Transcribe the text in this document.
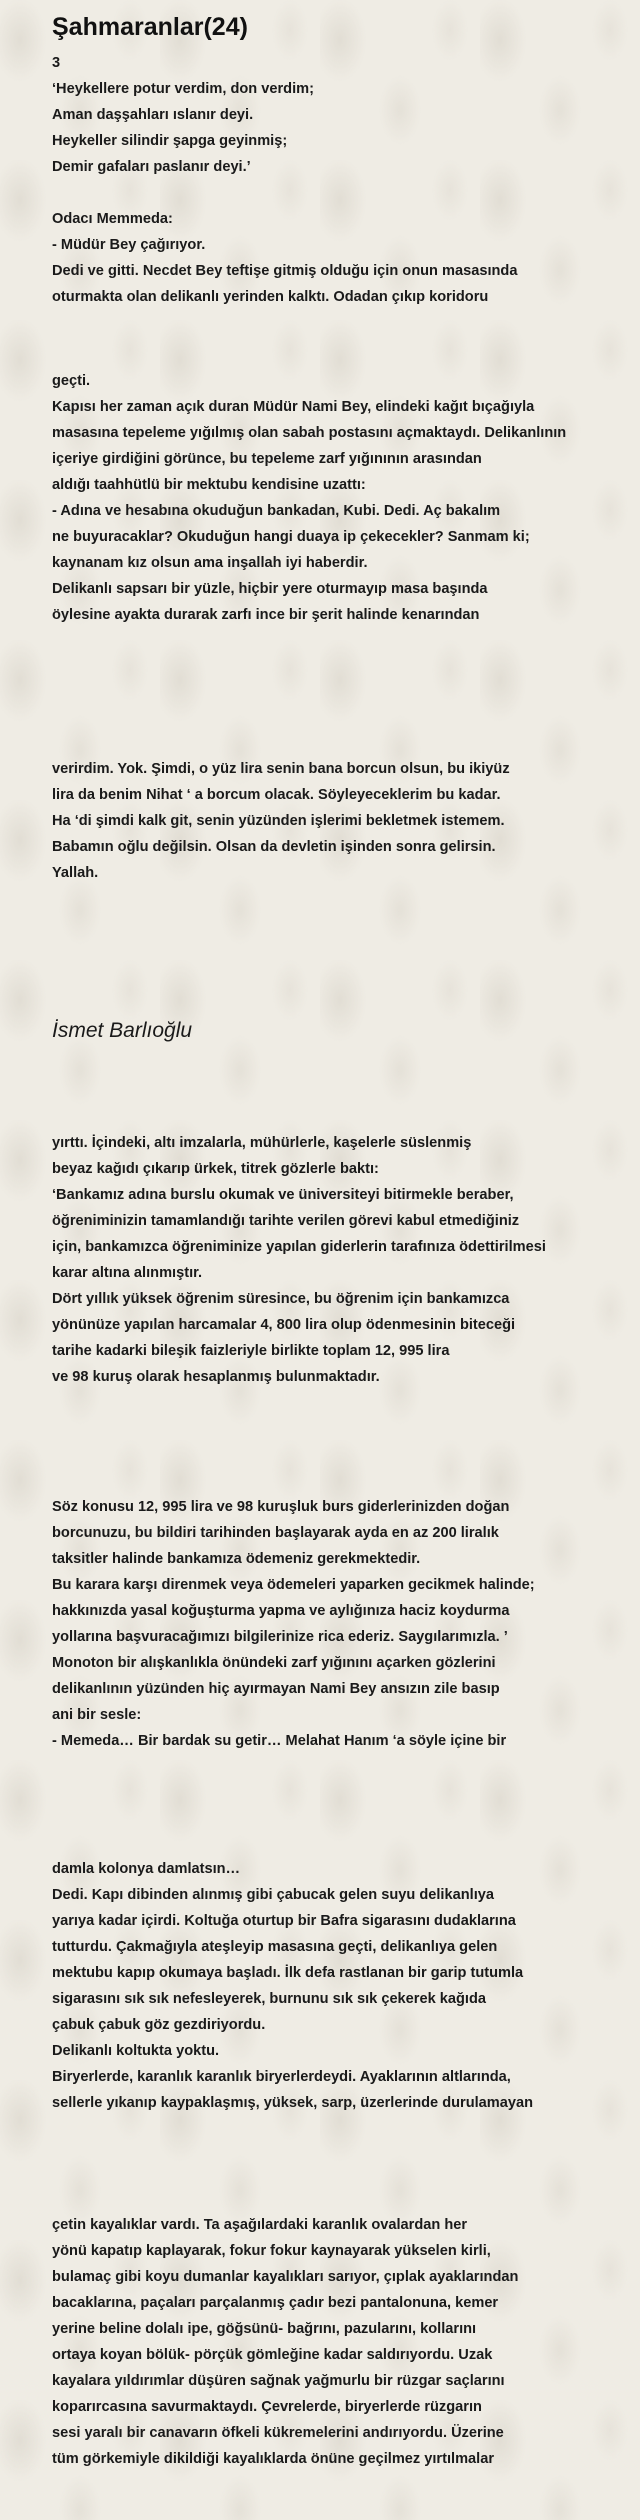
Şahmaranlar(24)
3
‘Heykellere potur verdim, don verdim;
Aman daşşahları ıslanır deyi.
Heykeller silindir şapga geyinmiş;
Demir gafaları paslanır deyi.’
Odacı Memmeda:
- Müdür Bey çağırıyor.
Dedi ve gitti. Necdet Bey teftişe gitmiş olduğu için onun masasında
oturmakta olan delikanlı yerinden kalktı. Odadan çıkıp koridoru
geçti.
Kapısı her zaman açık duran Müdür Nami Bey, elindeki kağıt bıçağıyla
masasına tepeleme yığılmış olan sabah postasını açmaktaydı. Delikanlının
içeriye girdiğini görünce, bu tepeleme zarf yığınının arasından
aldığı taahhütlü bir mektubu kendisine uzattı:
- Adına ve hesabına okuduğun bankadan, Kubi. Dedi. Aç bakalım
ne buyuracaklar? Okuduğun hangi duaya ip çekecekler? Sanmam ki;
kaynanam kız olsun ama inşallah iyi haberdir.
Delikanlı sapsarı bir yüzle, hiçbir yere oturmayıp masa başında
öylesine ayakta durarak zarfı ince bir şerit halinde kenarından
verirdim. Yok. Şimdi, o yüz lira senin bana borcun olsun, bu ikiyüz
lira da benim Nihat ‘ a borcum olacak. Söyleyeceklerim bu kadar.
Ha ‘di şimdi kalk git, senin yüzünden işlerimi bekletmek istemem.
Babamın oğlu değilsin. Olsan da devletin işinden sonra gelirsin.
Yallah.
İsmet Barlıoğlu
yırttı. İçindeki, altı imzalarla, mühürlerle, kaşelerle süslenmiş
beyaz kağıdı çıkarıp ürkek, titrek gözlerle baktı:
‘Bankamız adına burslu okumak ve üniversiteyi bitirmekle beraber,
öğreniminizin tamamlandığı tarihte verilen görevi kabul etmediğiniz
için, bankamızca öğreniminize yapılan giderlerin tarafınıza ödettirilmesi
karar altına alınmıştır.
Dört yıllık yüksek öğrenim süresince, bu öğrenim için bankamızca
yönünüze yapılan harcamalar 4, 800 lira olup ödenmesinin biteceği
tarihe kadarki bileşik faizleriyle birlikte toplam 12, 995 lira
ve 98 kuruş olarak hesaplanmış bulunmaktadır.
Söz konusu 12, 995 lira ve 98 kuruşluk burs giderlerinizden doğan
borcunuzu, bu bildiri tarihinden başlayarak ayda en az 200 liralık
taksitler halinde bankamıza ödemeniz gerekmektedir.
Bu karara karşı direnmek veya ödemeleri yaparken gecikmek halinde;
hakkınızda yasal koğuşturma yapma ve aylığınıza haciz koydurma
yollarına başvuracağımızı bilgilerinize rica ederiz. Saygılarımızla. ’
Monoton bir alışkanlıkla önündeki zarf yığınını açarken gözlerini
delikanlının yüzünden hiç ayırmayan Nami Bey ansızın zile basıp
ani bir sesle:
- Memeda… Bir bardak su getir… Melahat Hanım ‘a söyle içine bir
damla kolonya damlatsın…
Dedi. Kapı dibinden alınmış gibi çabucak gelen suyu delikanlıya
yarıya kadar içirdi. Koltuğa oturtup bir Bafra sigarasını dudaklarına
tutturdu. Çakmağıyla ateşleyip masasına geçti, delikanlıya gelen
mektubu kapıp okumaya başladı. İlk defa rastlanan bir garip tutumla
sigarasını sık sık nefesleyerek, burnunu sık sık çekerek kağıda
çabuk çabuk göz gezdiriyordu.
Delikanlı koltukta yoktu.
Biryerlerde, karanlık karanlık biryerlerdeydi. Ayaklarının altlarında,
sellerle yıkanıp kaypaklaşmış, yüksek, sarp, üzerlerinde durulamayan
çetin kayalıklar vardı. Ta aşağılardaki karanlık ovalardan her
yönü kapatıp kaplayarak, fokur fokur kaynayarak yükselen kirli,
bulamaç gibi koyu dumanlar kayalıkları sarıyor, çıplak ayaklarından
bacaklarına, paçaları parçalanmış çadır bezi pantalonuna, kemer
yerine beline dolalı ipe, göğsünü- bağrını, pazularını, kollarını
ortaya koyan bölük- pörçük gömleğine kadar saldırıyordu. Uzak
kayalara yıldırımlar düşüren sağnak yağmurlu bir rüzgar saçlarını
koparırcasına savurmaktaydı. Çevrelerde, biryerlerde rüzgarın
sesi yaralı bir canavarın öfkeli kükremelerini andırıyordu. Üzerine
tüm görkemiyle dikildiği kayalıklarda önüne geçilmez yırtılmalar
